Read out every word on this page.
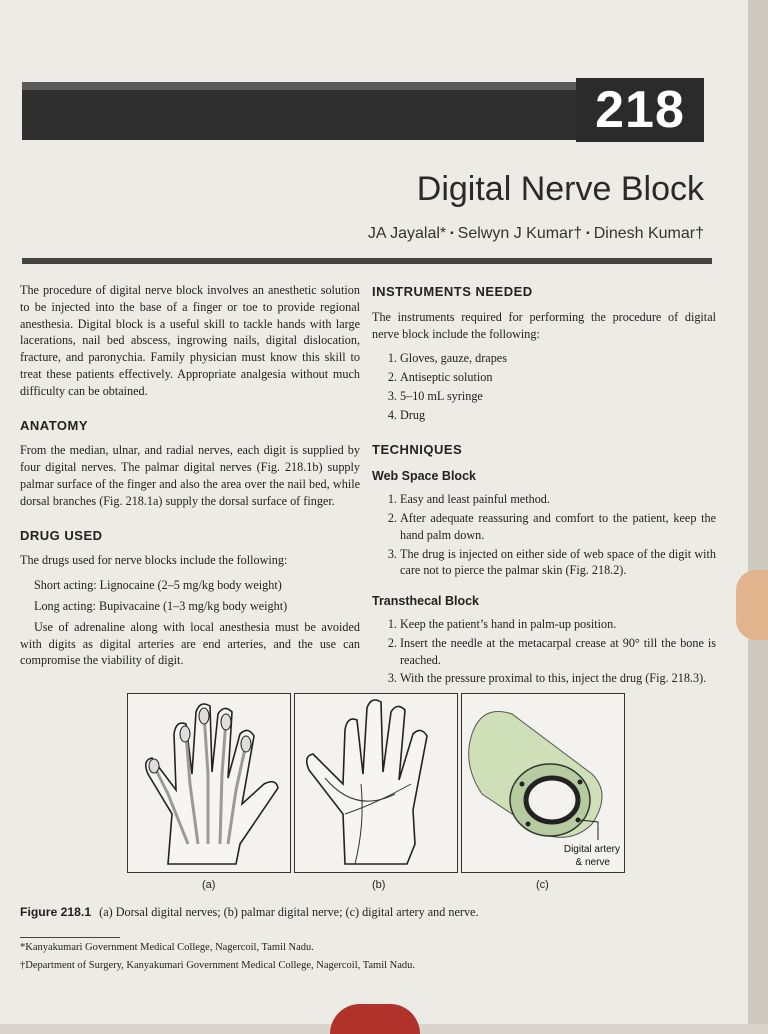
218
Digital Nerve Block
JA Jayalal* ▪ Selwyn J Kumar† ▪ Dinesh Kumar†

The procedure of digital nerve block involves an anesthetic solution to be injected into the base of a finger or toe to provide regional anesthesia. Digital block is a useful skill to tackle hands with large lacerations, nail bed abscess, ingrowing nails, digital dislocation, fracture, and paronychia. Family physician must know this skill to treat these patients effectively. Appropriate analgesia without much difficulty can be obtained.

ANATOMY

From the median, ulnar, and radial nerves, each digit is supplied by four digital nerves. The palmar digital nerves (Fig. 218.1b) supply palmar surface of the finger and also the area over the nail bed, while dorsal branches (Fig. 218.1a) supply the dorsal surface of finger.

DRUG USED

The drugs used for nerve blocks include the following:

Short acting: Lignocaine (2–5 mg/kg body weight)

Long acting: Bupivacaine (1–3 mg/kg body weight)

Use of adrenaline along with local anesthesia must be avoided with digits as digital arteries are end arteries, and the use can compromise the viability of digit.

INSTRUMENTS NEEDED

The instruments required for performing the procedure of digital nerve block include the following:

1. Gloves, gauze, drapes
2. Antiseptic solution
3. 5–10 mL syringe
4. Drug
TECHNIQUES
Web Space Block
1. Easy and least painful method.
2. After adequate reassuring and comfort to the patient, keep the hand palm down.
3. The drug is injected on either side of web space of the digit with care not to pierce the palmar skin (Fig. 218.2).
Transthecal Block
1. Keep the patient’s hand in palm-up position.
2. Insert the needle at the metacarpal crease at 90° till the bone is reached.
3. With the pressure proximal to this, inject the drug (Fig. 218.3).
Digital artery
& nerve
(a)	(b)	(c)
Figure 218.1 (a) Dorsal digital nerves; (b) palmar digital nerve; (c) digital artery and nerve.
*Kanyakumari Government Medical College, Nagercoil, Tamil Nadu.
†Department of Surgery, Kanyakumari Government Medical College, Nagercoil, Tamil Nadu.
